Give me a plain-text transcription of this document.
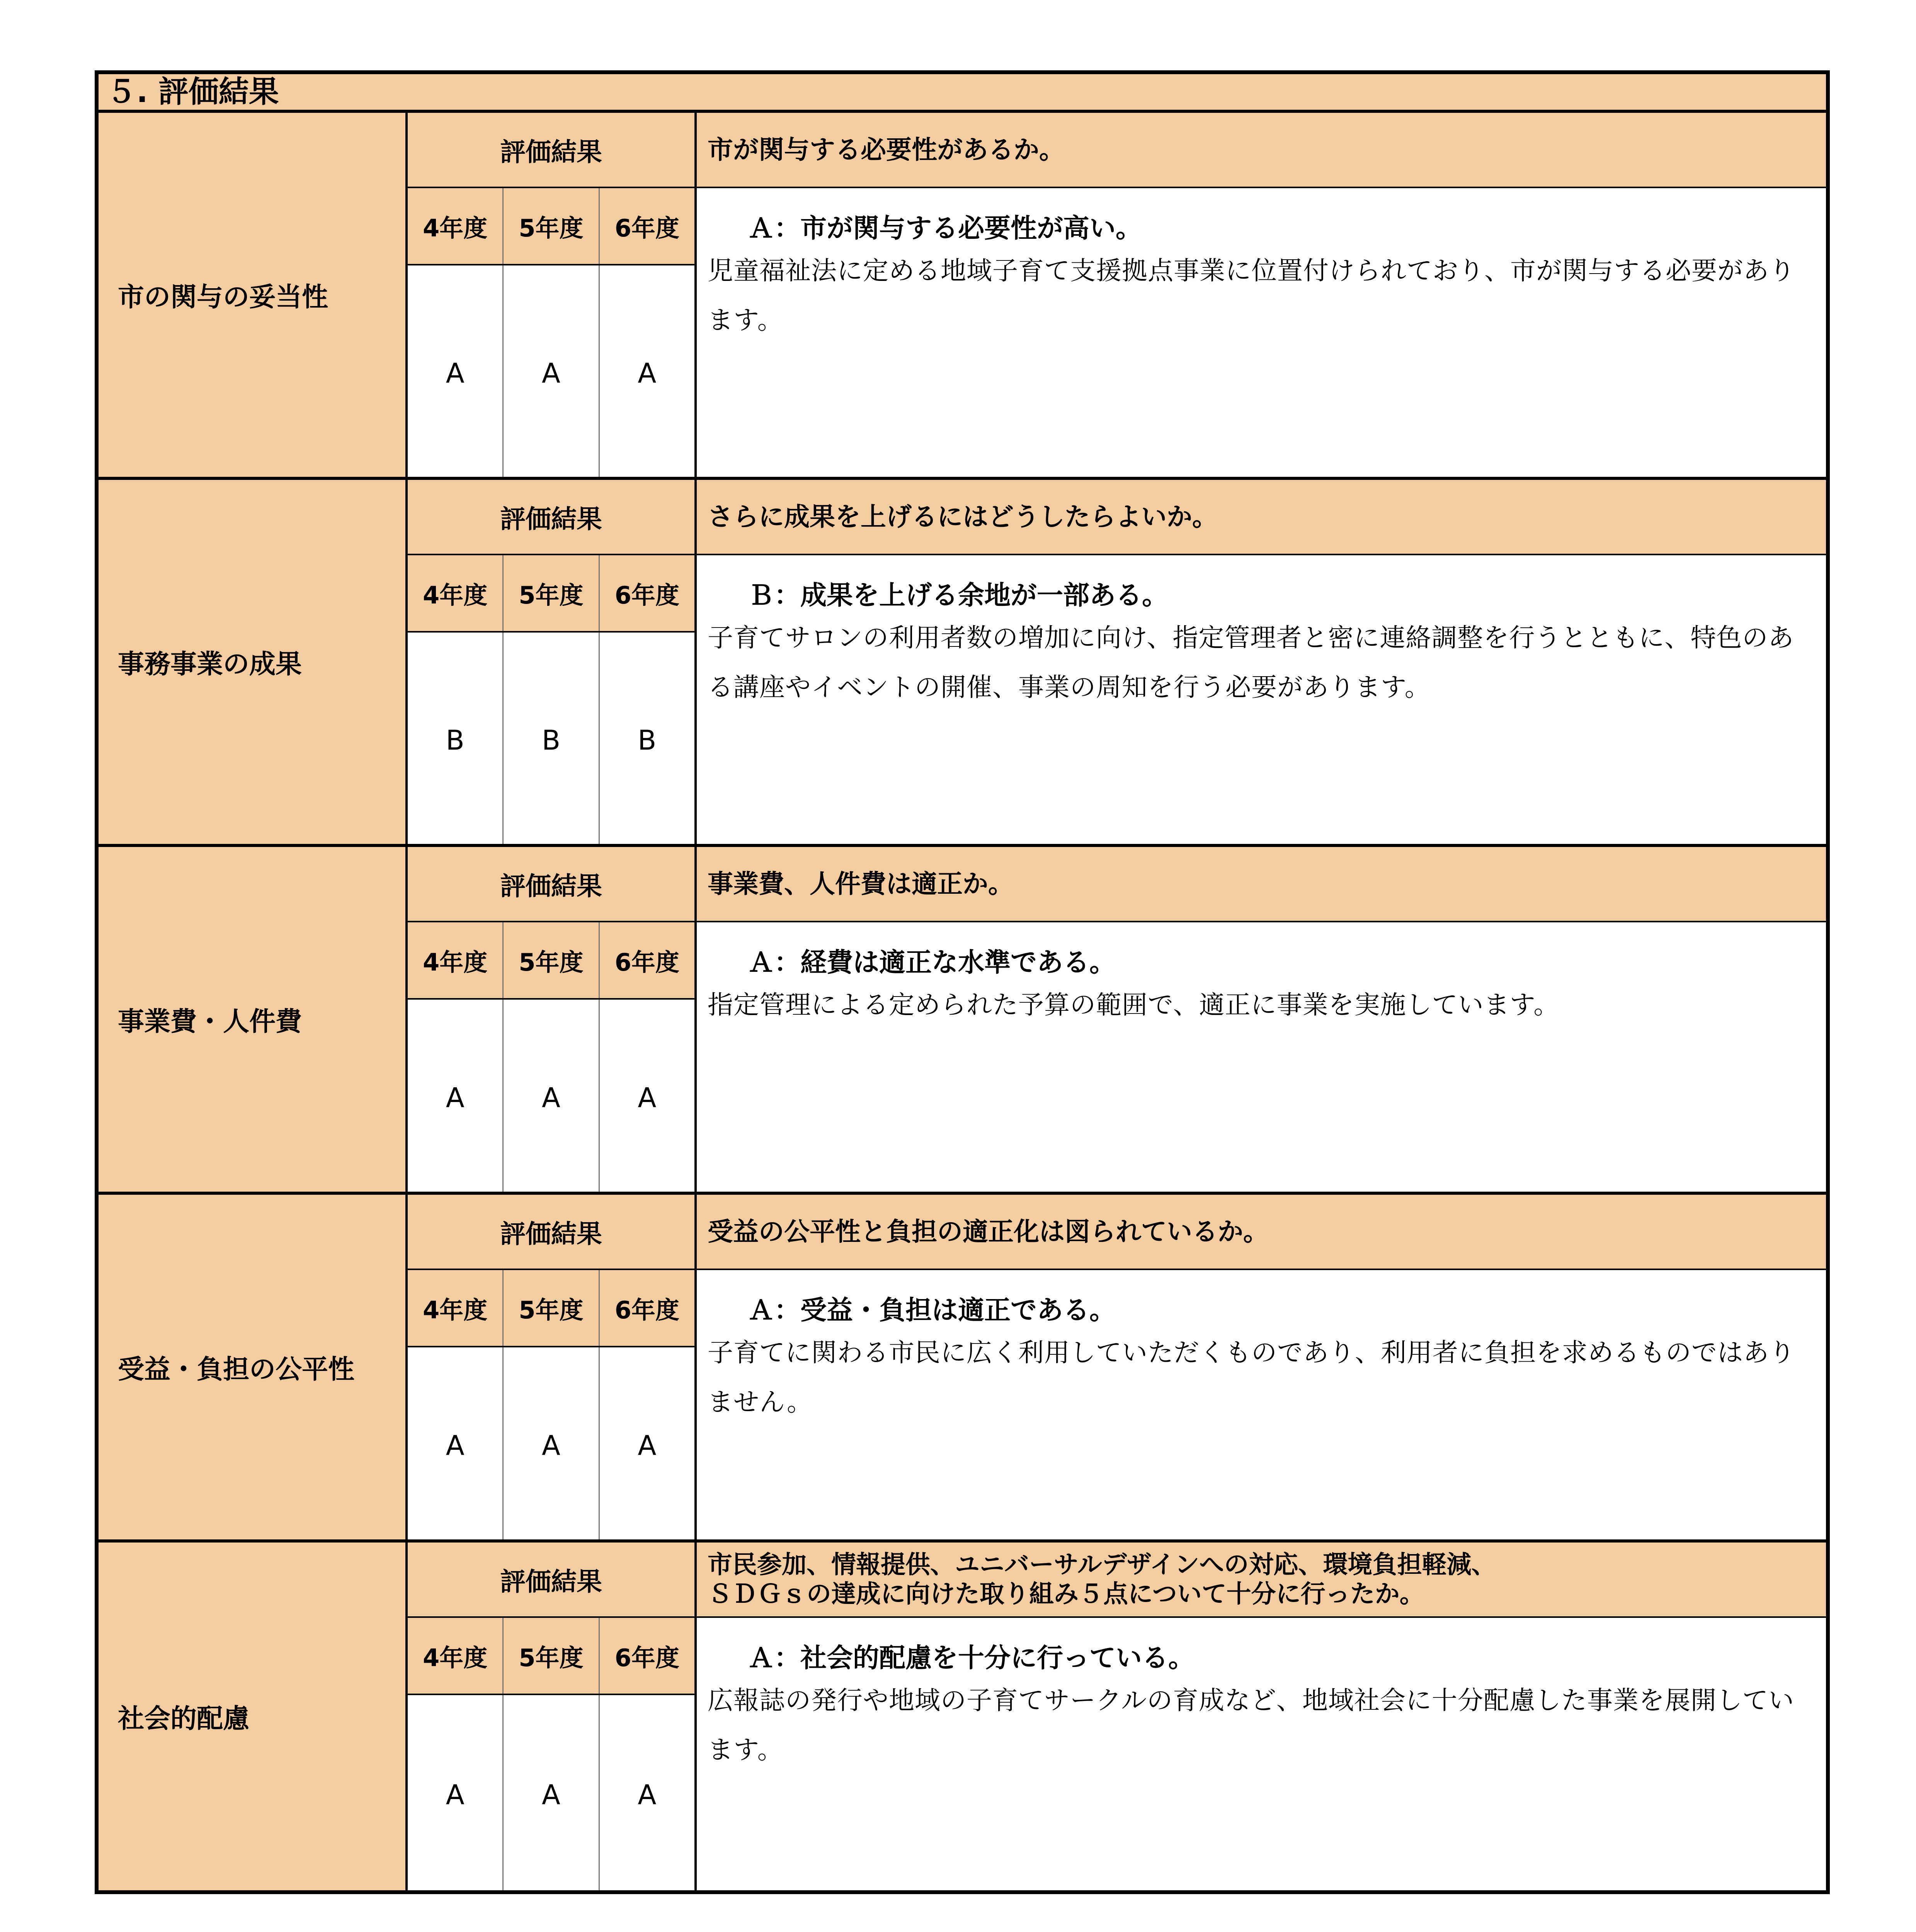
５. 評価結果
市の関与の妥当性
評価結果
4年度	5年度	6年度
A	A	A
市が関与する必要性があるか。
Ａ：市が関与する必要性が高い。
児童福祉法に定める地域子育て支援拠点事業に位置付けられており、市が関与する必要があります。
事務事業の成果
評価結果
4年度	5年度	6年度
B	B	B
さらに成果を上げるにはどうしたらよいか。
Ｂ：成果を上げる余地が一部ある。
子育てサロンの利用者数の増加に向け、指定管理者と密に連絡調整を行うとともに、特色のある講座やイベントの開催、事業の周知を行う必要があります。
事業費・人件費
評価結果
4年度	5年度	6年度
A	A	A
事業費、人件費は適正か。
Ａ：経費は適正な水準である。
指定管理による定められた予算の範囲で、適正に事業を実施しています。
受益・負担の公平性
評価結果
4年度	5年度	6年度
A	A	A
受益の公平性と負担の適正化は図られているか。
Ａ：受益・負担は適正である。
子育てに関わる市民に広く利用していただくものであり、利用者に負担を求めるものではありません。
社会的配慮
評価結果
4年度	5年度	6年度
A	A	A
市民参加、情報提供、ユニバーサルデザインへの対応、環境負担軽減、
ＳＤＧｓの達成に向けた取り組み５点について十分に行ったか。
Ａ：社会的配慮を十分に行っている。
広報誌の発行や地域の子育てサークルの育成など、地域社会に十分配慮した事業を展開しています。
